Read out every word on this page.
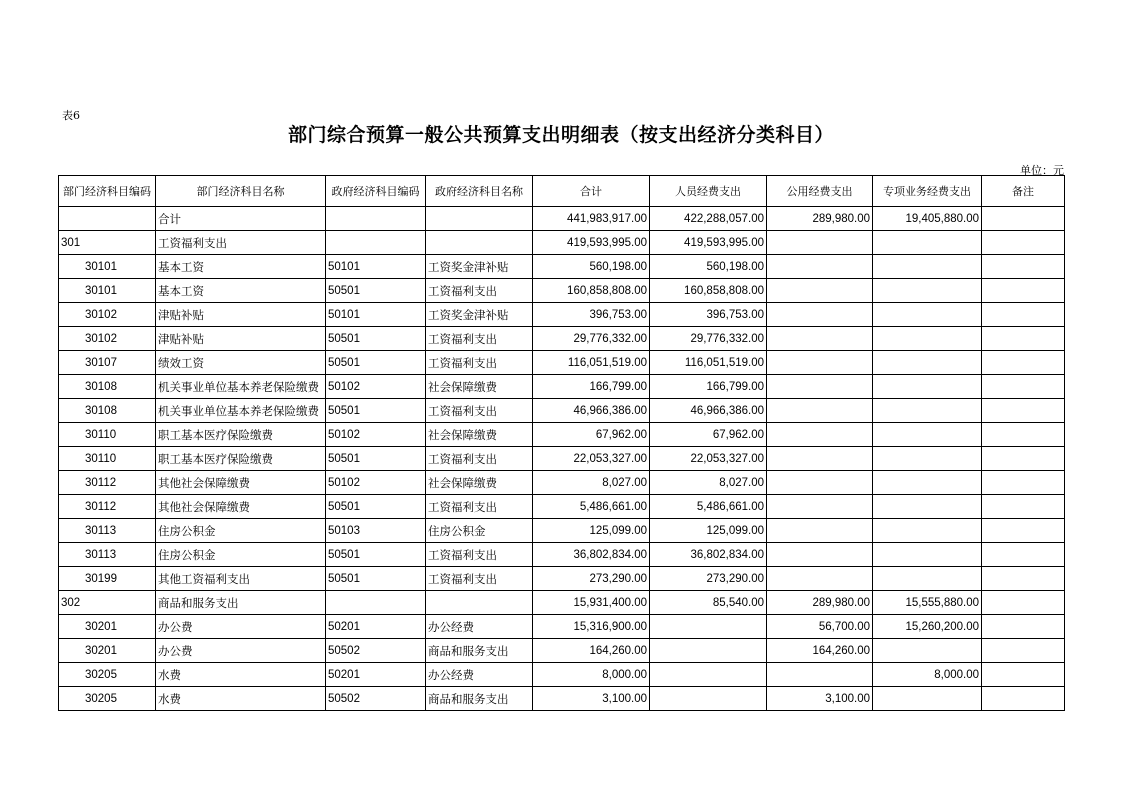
表6
部门综合预算一般公共预算支出明细表（按支出经济分类科目）
单位：元
部门经济科目编码	部门经济科目名称	政府经济科目编码	政府经济科目名称	合计	人员经费支出	公用经费支出	专项业务经费支出	备注
	合计			441,983,917.00	422,288,057.00	289,980.00	19,405,880.00	
301	工资福利支出			419,593,995.00	419,593,995.00			
30101	基本工资	50101	工资奖金津补贴	560,198.00	560,198.00			
30101	基本工资	50501	工资福利支出	160,858,808.00	160,858,808.00			
30102	津贴补贴	50101	工资奖金津补贴	396,753.00	396,753.00			
30102	津贴补贴	50501	工资福利支出	29,776,332.00	29,776,332.00			
30107	绩效工资	50501	工资福利支出	116,051,519.00	116,051,519.00			
30108	机关事业单位基本养老保险缴费	50102	社会保障缴费	166,799.00	166,799.00			
30108	机关事业单位基本养老保险缴费	50501	工资福利支出	46,966,386.00	46,966,386.00			
30110	职工基本医疗保险缴费	50102	社会保障缴费	67,962.00	67,962.00			
30110	职工基本医疗保险缴费	50501	工资福利支出	22,053,327.00	22,053,327.00			
30112	其他社会保障缴费	50102	社会保障缴费	8,027.00	8,027.00			
30112	其他社会保障缴费	50501	工资福利支出	5,486,661.00	5,486,661.00			
30113	住房公积金	50103	住房公积金	125,099.00	125,099.00			
30113	住房公积金	50501	工资福利支出	36,802,834.00	36,802,834.00			
30199	其他工资福利支出	50501	工资福利支出	273,290.00	273,290.00			
302	商品和服务支出			15,931,400.00	85,540.00	289,980.00	15,555,880.00	
30201	办公费	50201	办公经费	15,316,900.00		56,700.00	15,260,200.00	
30201	办公费	50502	商品和服务支出	164,260.00		164,260.00		
30205	水费	50201	办公经费	8,000.00			8,000.00	
30205	水费	50502	商品和服务支出	3,100.00		3,100.00		
